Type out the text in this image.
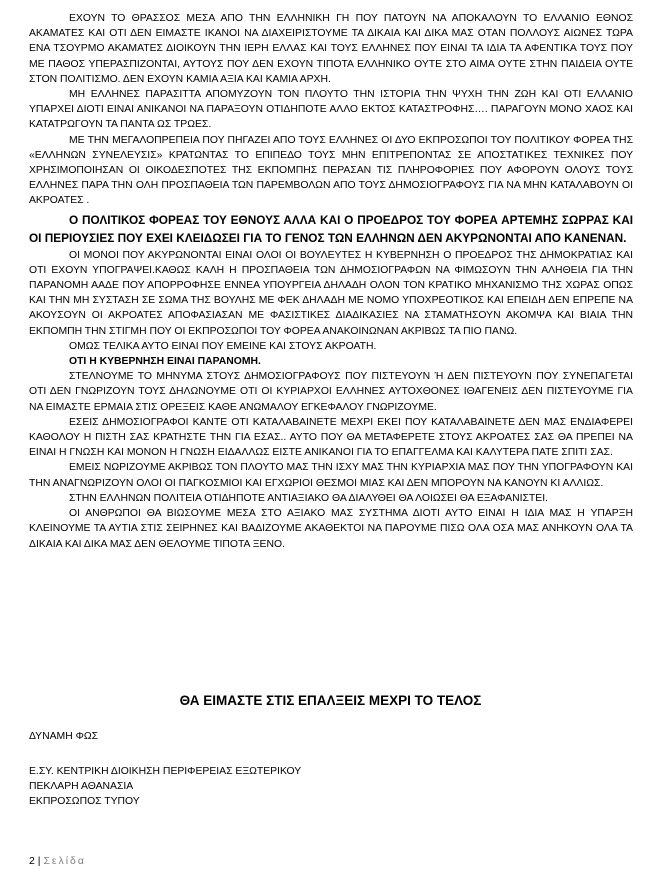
ΕΧΟΥΝ ΤΟ ΘΡΑΣΣΟΣ ΜΕΣΑ ΑΠΟ ΤΗΝ ΕΛΛΗΝΙΚΗ ΓΗ ΠΟΥ ΠΑΤΟΥΝ ΝΑ ΑΠΟΚΑΛΟΥΝ ΤΟ ΕΛΛΑΝΙΟ ΕΘΝΟΣ ΑΚΑΜΑΤΕΣ ΚΑΙ ΟΤΙ ΔΕΝ ΕΙΜΑΣΤΕ ΙΚΑΝΟΙ ΝΑ ΔΙΑΧΕΙΡΙΣΤΟΥΜΕ ΤΑ ΔΙΚΑΙΑ ΚΑΙ ΔΙΚΑ ΜΑΣ ΟΤΑΝ ΠΟΛΛΟΥΣ ΑΙΩΝΕΣ ΤΩΡΑ ΕΝΑ ΤΣΟΥΡΜΟ ΑΚΑΜΑΤΕΣ ΔΙΟΙΚΟΥΝ ΤΗΝ ΙΕΡΗ ΕΛΛΑΣ ΚΑΙ ΤΟΥΣ ΕΛΛΗΝΕΣ ΠΟΥ ΕΙΝΑΙ ΤΑ ΙΔΙΑ ΤΑ ΑΦΕΝΤΙΚΑ ΤΟΥΣ ΠΟΥ ΜΕ ΠΑΘΟΣ ΥΠΕΡΑΣΠΙΖΟΝΤΑΙ, ΑΥΤΟΥΣ ΠΟΥ ΔΕΝ ΕΧΟΥΝ ΤΙΠΟΤΑ ΕΛΛΗΝΙΚΟ ΟΥΤΕ ΣΤΟ ΑΙΜΑ ΟΥΤΕ ΣΤΗΝ ΠΑΙΔΕΙΑ ΟΥΤΕ ΣΤΟΝ ΠΟΛΙΤΙΣΜΟ. ΔΕΝ ΕΧΟΥΝ ΚΑΜΙΑ ΑΞΙΑ ΚΑΙ ΚΑΜΙΑ ΑΡΧΗ.

ΜΗ ΕΛΛΗΝΕΣ ΠΑΡΑΣΙΤΤΑ ΑΠΟΜΥΖΟΥΝ ΤΟΝ ΠΛΟΥΤΟ ΤΗΝ ΙΣΤΟΡΙΑ ΤΗΝ ΨΥΧΗ ΤΗΝ ΖΩΗ ΚΑΙ ΟΤΙ ΕΛΛΑΝΙΟ ΥΠΑΡΧΕΙ ΔΙΟΤΙ ΕΙΝΑΙ ΑΝΙΚΑΝΟΙ ΝΑ ΠΑΡΑΞΟΥΝ ΟΤΙΔΗΠΟΤΕ ΑΛΛΟ ΕΚΤΟΣ ΚΑΤΑΣΤΡΟΦΗΣ…. ΠΑΡΑΓΟΥΝ ΜΟΝΟ ΧΑΟΣ ΚΑΙ ΚΑΤΑΤΡΩΓΟΥΝ ΤΑ ΠΑΝΤΑ ΩΣ ΤΡΩΕΣ.

ΜΕ ΤΗΝ ΜΕΓΑΛΟΠΡΕΠΕΙΑ ΠΟΥ ΠΗΓΑΖΕΙ ΑΠΟ ΤΟΥΣ ΕΛΛΗΝΕΣ ΟΙ ΔΥΟ ΕΚΠΡΟΣΩΠΟΙ ΤΟΥ ΠΟΛΙΤΙΚΟΥ ΦΟΡΕΑ ΤΗΣ «ΕΛΛΗΝΩΝ ΣΥΝΕΛΕΥΣΙΣ» ΚΡΑΤΩΝΤΑΣ ΤΟ ΕΠΙΠΕΔΟ ΤΟΥΣ ΜΗΝ ΕΠΙΤΡΕΠΟΝΤΑΣ ΣΕ ΑΠΟΣΤΑΤΙΚΕΣ ΤΕΧΝΙΚΕΣ ΠΟΥ ΧΡΗΣΙΜΟΠΟΙΗΣΑΝ ΟΙ ΟΙΚΟΔΕΣΠΟΤΕΣ ΤΗΣ ΕΚΠΟΜΠΗΣ ΠΕΡΑΣΑΝ ΤΙΣ ΠΛΗΡΟΦΟΡΙΕΣ ΠΟΥ ΑΦΟΡΟΥΝ ΟΛΟΥΣ ΤΟΥΣ ΕΛΛΗΝΕΣ ΠΑΡΑ ΤΗΝ ΟΛΗ ΠΡΟΣΠΑΘΕΙΑ ΤΩΝ ΠΑΡΕΜΒΟΛΩΝ ΑΠΟ ΤΟΥΣ ΔΗΜΟΣΙΟΓΡΑΦΟΥΣ ΓΙΑ ΝΑ ΜΗΝ ΚΑΤΑΛΑΒΟΥΝ ΟΙ ΑΚΡΟΑΤΕΣ .

Ο ΠΟΛΙΤΙΚΟΣ ΦΟΡΕΑΣ ΤΟΥ ΕΘΝΟΥΣ ΑΛΛΑ ΚΑΙ Ο ΠΡΟΕΔΡΟΣ ΤΟΥ ΦΟΡΕΑ ΑΡΤΕΜΗΣ ΣΩΡΡΑΣ ΚΑΙ ΟΙ ΠΕΡΙΟΥΣΙΕΣ ΠΟΥ ΕΧΕΙ ΚΛΕΙΔΩΣΕΙ ΓΙΑ ΤΟ ΓΕΝΟΣ ΤΩΝ ΕΛΛΗΝΩΝ ΔΕΝ ΑΚΥΡΩΝΟΝΤΑΙ ΑΠΟ ΚΑΝΕΝΑΝ.

ΟΙ ΜΟΝΟΙ ΠΟΥ ΑΚΥΡΩΝΟΝΤΑΙ ΕΙΝΑΙ ΟΛΟΙ ΟΙ ΒΟΥΛΕΥΤΕΣ Η ΚΥΒΕΡΝΗΣΗ Ο ΠΡΟΕΔΡΟΣ ΤΗΣ ΔΗΜΟΚΡΑΤΙΑΣ ΚΑΙ ΟΤΙ ΕΧΟΥΝ ΥΠΟΓΡΑΨΕΙ.ΚΑΘΩΣ ΚΑΛΗ Η ΠΡΟΣΠΑΘΕΙΑ ΤΩΝ ΔΗΜΟΣΙΟΓΡΑΦΩΝ ΝΑ ΦΙΜΩΣΟΥΝ ΤΗΝ ΑΛΗΘΕΙΑ ΓΙΑ ΤΗΝ ΠΑΡΑΝΟΜΗ ΑΑΔΕ ΠΟΥ ΑΠΟΡΡΟΦΗΣΕ ΕΝΝΕΑ ΥΠΟΥΡΓΕΙΑ ΔΗΛΑΔΗ ΟΛΟΝ ΤΟΝ ΚΡΑΤΙΚΟ ΜΗΧΑΝΙΣΜΟ ΤΗΣ ΧΩΡΑΣ ΟΠΩΣ ΚΑΙ ΤΗΝ ΜΗ ΣΥΣΤΑΣΗ ΣΕ ΣΩΜΑ ΤΗΣ ΒΟΥΛΗΣ ΜΕ ΦΕΚ ΔΗΛΑΔΗ ΜΕ ΝΟΜΟ ΥΠΟΧΡΕΟΤΙΚΟΣ ΚΑΙ ΕΠΕΙΔΗ ΔΕΝ ΕΠΡΕΠΕ ΝΑ ΑΚΟΥΣΟΥΝ ΟΙ ΑΚΡΟΑΤΕΣ ΑΠΟΦΑΣΙΑΣΑΝ ΜΕ ΦΑΣΙΣΤΙΚΕΣ ΔΙΑΔΙΚΑΣΙΕΣ ΝΑ ΣΤΑΜΑΤΗΣΟΥΝ ΑΚΟΜΨΑ ΚΑΙ ΒΙΑΙΑ ΤΗΝ ΕΚΠΟΜΠΗ ΤΗΝ ΣΤΙΓΜΗ ΠΟΥ ΟΙ ΕΚΠΡΟΣΩΠΟΙ ΤΟΥ ΦΟΡΕΑ ΑΝΑΚΟΙΝΩΝΑΝ ΑΚΡΙΒΩΣ ΤΑ ΠΙΟ ΠΑΝΩ.

ΟΜΩΣ ΤΕΛΙΚΑ ΑΥΤΟ ΕΙΝΑΙ ΠΟΥ ΕΜΕΙΝΕ ΚΑΙ ΣΤΟΥΣ ΑΚΡΟΑΤΗ.

ΟΤΙ Η ΚΥΒΕΡΝΗΣΗ ΕΙΝΑΙ ΠΑΡΑΝΟΜΗ.

ΣΤΕΛΝΟΥΜΕ ΤΟ ΜΗΝΥΜΑ ΣΤΟΥΣ ΔΗΜΟΣΙΟΓΡΑΦΟΥΣ ΠΟΥ ΠΙΣΤΕΥΟΥΝ Ή ΔΕΝ ΠΙΣΤΕΥΟΥΝ ΠΟΥ ΣΥΝΕΠΑΓΕΤΑΙ ΟΤΙ ΔΕΝ ΓΝΩΡΙΖΟΥΝ ΤΟΥΣ ΔΗΛΩΝΟΥΜΕ ΟΤΙ ΟΙ ΚΥΡΙΑΡΧΟΙ ΕΛΛΗΝΕΣ ΑΥΤΟΧΘΟΝΕΣ ΙΘΑΓΕΝΕΙΣ ΔΕΝ ΠΙΣΤΕΥΟΥΜΕ ΓΙΑ ΝΑ ΕΙΜΑΣΤΕ ΕΡΜΑΙΑ ΣΤΙΣ ΟΡΕΞΕΙΣ ΚΑΘΕ ΑΝΩΜΑΛΟΥ ΕΓΚΕΦΑΛΟΥ ΓΝΩΡΙΖΟΥΜΕ.

ΕΣΕΙΣ ΔΗΜΟΣΙΟΓΡΑΦΟΙ ΚΑΝΤΕ ΟΤΙ ΚΑΤΑΛΑΒΑΙΝΕΤΕ ΜΕΧΡΙ ΕΚΕΙ ΠΟΥ ΚΑΤΑΛΑΒΑΙΝΕΤΕ ΔΕΝ ΜΑΣ ΕΝΔΙΑΦΕΡΕΙ ΚΑΘΟΛΟΥ Η ΠΙΣΤΗ ΣΑΣ ΚΡΑΤΗΣΤΕ ΤΗΝ ΓΙΑ ΕΣΑΣ.. ΑΥΤΟ ΠΟΥ ΘΑ ΜΕΤΑΦΕΡΕΤΕ ΣΤΟΥΣ ΑΚΡΟΑΤΕΣ ΣΑΣ ΘΑ ΠΡΕΠΕΙ ΝΑ ΕΙΝΑΙ Η ΓΝΩΣΗ ΚΑΙ ΜΟΝΟΝ Η ΓΝΩΣΗ ΕΙΔΑΛΛΩΣ ΕΙΣΤΕ ΑΝΙΚΑΝΟΙ ΓΙΑ ΤΟ ΕΠΑΓΓΕΛΜΑ ΚΑΙ ΚΑΛΥΤΕΡΑ ΠΑΤΕ ΣΠΙΤΙ ΣΑΣ.

ΕΜΕΙΣ ΝΩΡΙΖΟΥΜΕ ΑΚΡΙΒΩΣ ΤΟΝ ΠΛΟΥΤΟ ΜΑΣ ΤΗΝ ΙΣΧΥ ΜΑΣ ΤΗΝ ΚΥΡΙΑΡΧΙΑ ΜΑΣ ΠΟΥ ΤΗΝ ΥΠΟΓΡΑΦΟΥΝ ΚΑΙ ΤΗΝ ΑΝΑΓΝΩΡΙΖΟΥΝ ΟΛΟΙ ΟΙ ΠΑΓΚΟΣΜΙΟΙ ΚΑΙ ΕΓΧΩΡΙΟΙ ΘΕΣΜΟΙ ΜΙΑΣ ΚΑΙ ΔΕΝ ΜΠΟΡΟΥΝ ΝΑ ΚΑΝΟΥΝ ΚΙ ΑΛΛΙΩΣ.

ΣΤΗΝ ΕΛΛΗΝΩΝ ΠΟΛΙΤΕΙΑ ΟΤΙΔΗΠΟΤΕ ΑΝΤΙΑΞΙΑΚΟ ΘΑ ΔΙΑΛΥΘΕΙ ΘΑ ΛΟΙΩΣΕΙ ΘΑ ΕΞΑΦΑΝΙΣΤΕΙ.

ΟΙ ΑΝΘΡΩΠΟΙ ΘΑ ΒΙΩΣΟΥΜΕ ΜΕΣΑ ΣΤΟ ΑΞΙΑΚΟ ΜΑΣ ΣΥΣΤΗΜΑ ΔΙΟΤΙ ΑΥΤΟ ΕΙΝΑΙ Η ΙΔΙΑ ΜΑΣ Η ΥΠΑΡΞΗ ΚΛΕΙΝΟΥΜΕ ΤΑ ΑΥΤΙΑ ΣΤΙΣ ΣΕΙΡΗΝΕΣ ΚΑΙ ΒΑΔΙΖΟΥΜΕ ΑΚΑΘΕΚΤΟΙ ΝΑ ΠΑΡΟΥΜΕ ΠΙΣΩ ΟΛΑ ΟΣΑ ΜΑΣ ΑΝΗΚΟΥΝ ΟΛΑ ΤΑ ΔΙΚΑΙΑ ΚΑΙ ΔΙΚΑ ΜΑΣ ΔΕΝ ΘΕΛΟΥΜΕ ΤΙΠΟΤΑ ΞΕΝΟ.

ΘΑ ΕΙΜΑΣΤΕ ΣΤΙΣ ΕΠΑΛΞΕΙΣ ΜΕΧΡΙ ΤΟ ΤΕΛΟΣ
ΔΥΝΑΜΗ ΦΩΣ
Ε.ΣΥ. ΚΕΝΤΡΙΚΗ ΔΙΟΙΚΗΣΗ ΠΕΡΙΦΕΡΕΙΑΣ ΕΞΩΤΕΡΙΚΟΥ
ΠΕΚΛΑΡΗ ΑΘΑΝΑΣΙΑ
ΕΚΠΡΟΣΩΠΟΣ ΤΥΠΟΥ
2 | Σελίδα
